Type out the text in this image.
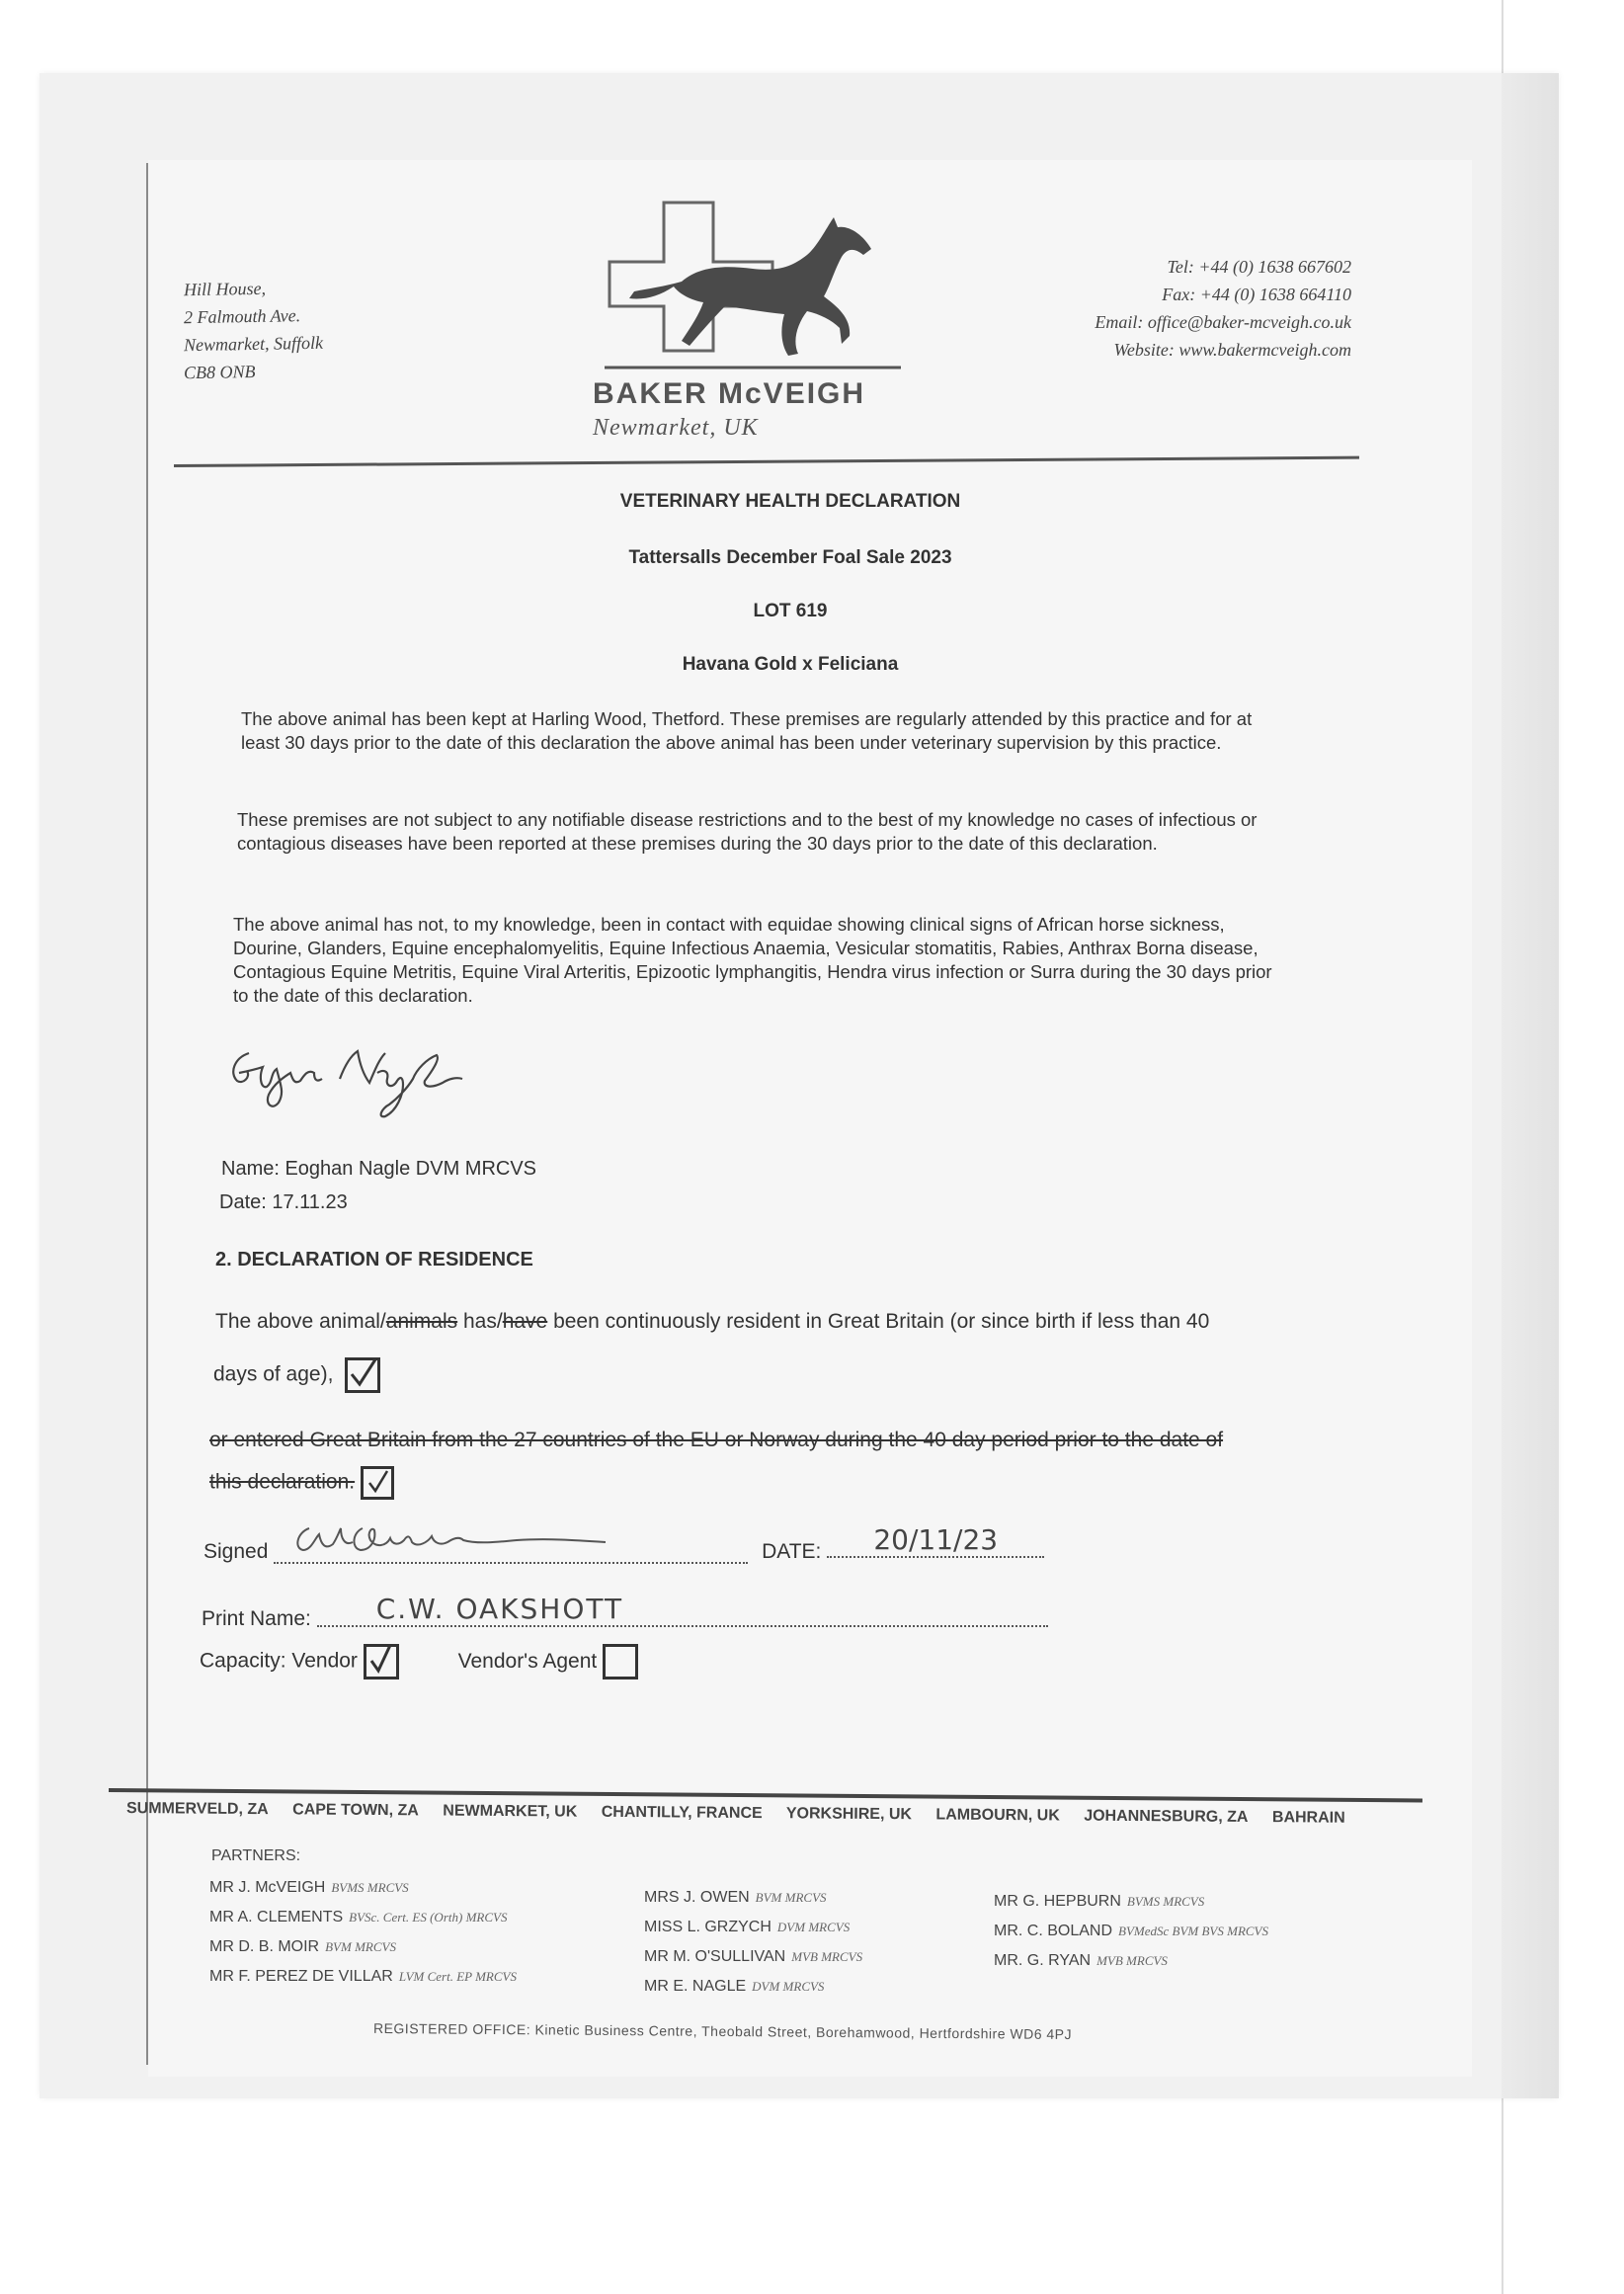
Hill House,
2 Falmouth Ave.
Newmarket, Suffolk
CB8 ONB
BAKER McVEIGH
Newmarket, UK
Tel: +44 (0) 1638 667602
Fax: +44 (0) 1638 664110
Email: office@baker-mcveigh.co.uk
Website: www.bakermcveigh.com
VETERINARY HEALTH DECLARATION
Tattersalls December Foal Sale 2023
LOT 619
Havana Gold x Feliciana
The above animal has been kept at Harling Wood, Thetford. These premises are regularly attended by this practice and for at least 30 days prior to the date of this declaration the above animal has been under veterinary supervision by this practice.
These premises are not subject to any notifiable disease restrictions and to the best of my knowledge no cases of infectious or contagious diseases have been reported at these premises during the 30 days prior to the date of this declaration.
The above animal has not, to my knowledge, been in contact with equidae showing clinical signs of African horse sickness, Dourine, Glanders, Equine encephalomyelitis, Equine Infectious Anaemia, Vesicular stomatitis, Rabies, Anthrax Borna disease, Contagious Equine Metritis, Equine Viral Arteritis, Epizootic lymphangitis, Hendra virus infection or Surra during the 30 days prior to the date of this declaration.
Name: Eoghan Nagle DVM MRCVS
Date: 17.11.23
2. DECLARATION OF RESIDENCE
The above animal/animals has/have been continuously resident in Great Britain (or since birth if less than 40
days of age),
or entered Great Britain from the 27 countries of the EU or Norway during the 40 day period prior to the date of
this declaration.
Signed	DATE: 20/11/23
Print Name: C.W. OAKSHOTT
Capacity: Vendor	Vendor's Agent
SUMMERVELD, ZA CAPE TOWN, ZA NEWMARKET, UK CHANTILLY, FRANCE YORKSHIRE, UK LAMBOURN, UK JOHANNESBURG, ZA BAHRAIN
PARTNERS:
MR J. McVEIGH BVMS MRCVS
MR A. CLEMENTS BVSc. Cert. ES (Orth) MRCVS
MR D. B. MOIR BVM MRCVS
MR F. PEREZ DE VILLAR LVM Cert. EP MRCVS
MRS J. OWEN BVM MRCVS
MISS L. GRZYCH DVM MRCVS
MR M. O'SULLIVAN MVB MRCVS
MR E. NAGLE DVM MRCVS
MR G. HEPBURN BVMS MRCVS
MR. C. BOLAND BVMedSc BVM BVS MRCVS
MR. G. RYAN MVB MRCVS
REGISTERED OFFICE: Kinetic Business Centre, Theobald Street, Borehamwood, Hertfordshire WD6 4PJ
